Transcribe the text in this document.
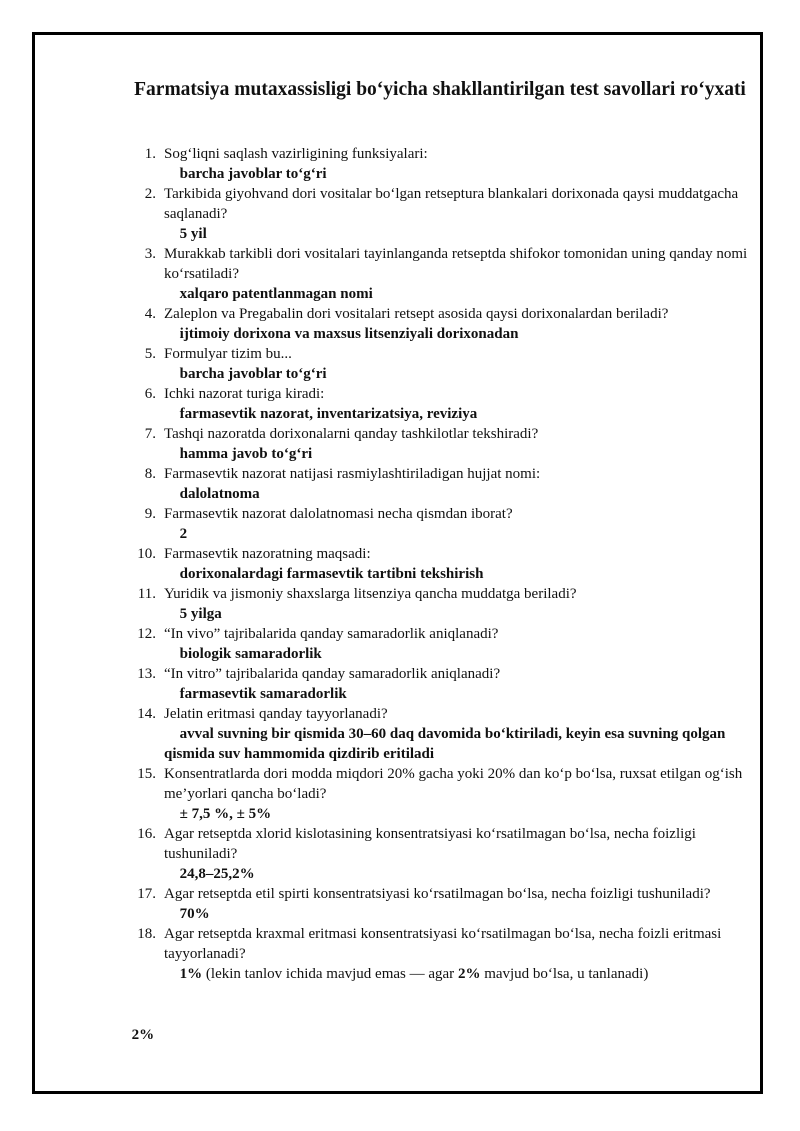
Farmatsiya mutaxassisligi bo‘yicha shakllantirilgan test savollari ro‘yxati
1. Sog‘liqni saqlash vazirligining funksiyalari:
barcha javoblar to‘g‘ri
2. Tarkibida giyohvand dori vositalar bo‘lgan retseptura blankalari dorixonada qaysi muddatgacha saqlanadi?
5 yil
3. Murakkab tarkibli dori vositalari tayinlanganda retseptda shifokor tomonidan uning qanday nomi ko‘rsatiladi?
xalqaro patentlanmagan nomi
4. Zaleplon va Pregabalin dori vositalari retsept asosida qaysi dorixonalardan beriladi?
ijtimoiy dorixona va maxsus litsenziyali dorixonadan
5. Formulyar tizim bu...
barcha javoblar to‘g‘ri
6. Ichki nazorat turiga kiradi:
farmasevtik nazorat, inventarizatsiya, reviziya
7. Tashqi nazoratda dorixonalarni qanday tashkilotlar tekshiradi?
hamma javob to‘g‘ri
8. Farmasevtik nazorat natijasi rasmiylashtiriladigan hujjat nomi:
dalolatnoma
9. Farmasevtik nazorat dalolatnomasi necha qismdan iborat?
2
10. Farmasevtik nazoratning maqsadi:
dorixonalardagi farmasevtik tartibni tekshirish
11. Yuridik va jismoniy shaxslarga litsenziya qancha muddatga beriladi?
5 yilga
12. “In vivo” tajribalarida qanday samaradorlik aniqlanadi?
biologik samaradorlik
13. “In vitro” tajribalarida qanday samaradorlik aniqlanadi?
farmasevtik samaradorlik
14. Jelatin eritmasi qanday tayyorlanadi?
avval suvning bir qismida 30–60 daq davomida bo‘ktiriladi, keyin esa suvning qolgan qismida suv hammomida qizdirib eritiladi
15. Konsentratlarda dori modda miqdori 20% gacha yoki 20% dan ko‘p bo‘lsa, ruxsat etilgan og‘ish me’yorlari qancha bo‘ladi?
± 7,5 %, ± 5%
16. Agar retseptda xlorid kislotasining konsentratsiyasi ko‘rsatilmagan bo‘lsa, necha foizligi tushuniladi?
24,8–25,2%
17. Agar retseptda etil spirti konsentratsiyasi ko‘rsatilmagan bo‘lsa, necha foizligi tushuniladi?
70%
18. Agar retseptda kraxmal eritmasi konsentratsiyasi ko‘rsatilmagan bo‘lsa, necha foizli eritmasi tayyorlanadi?
1% (lekin tanlov ichida mavjud emas — agar 2% mavjud bo‘lsa, u tanlanadi)
2%
